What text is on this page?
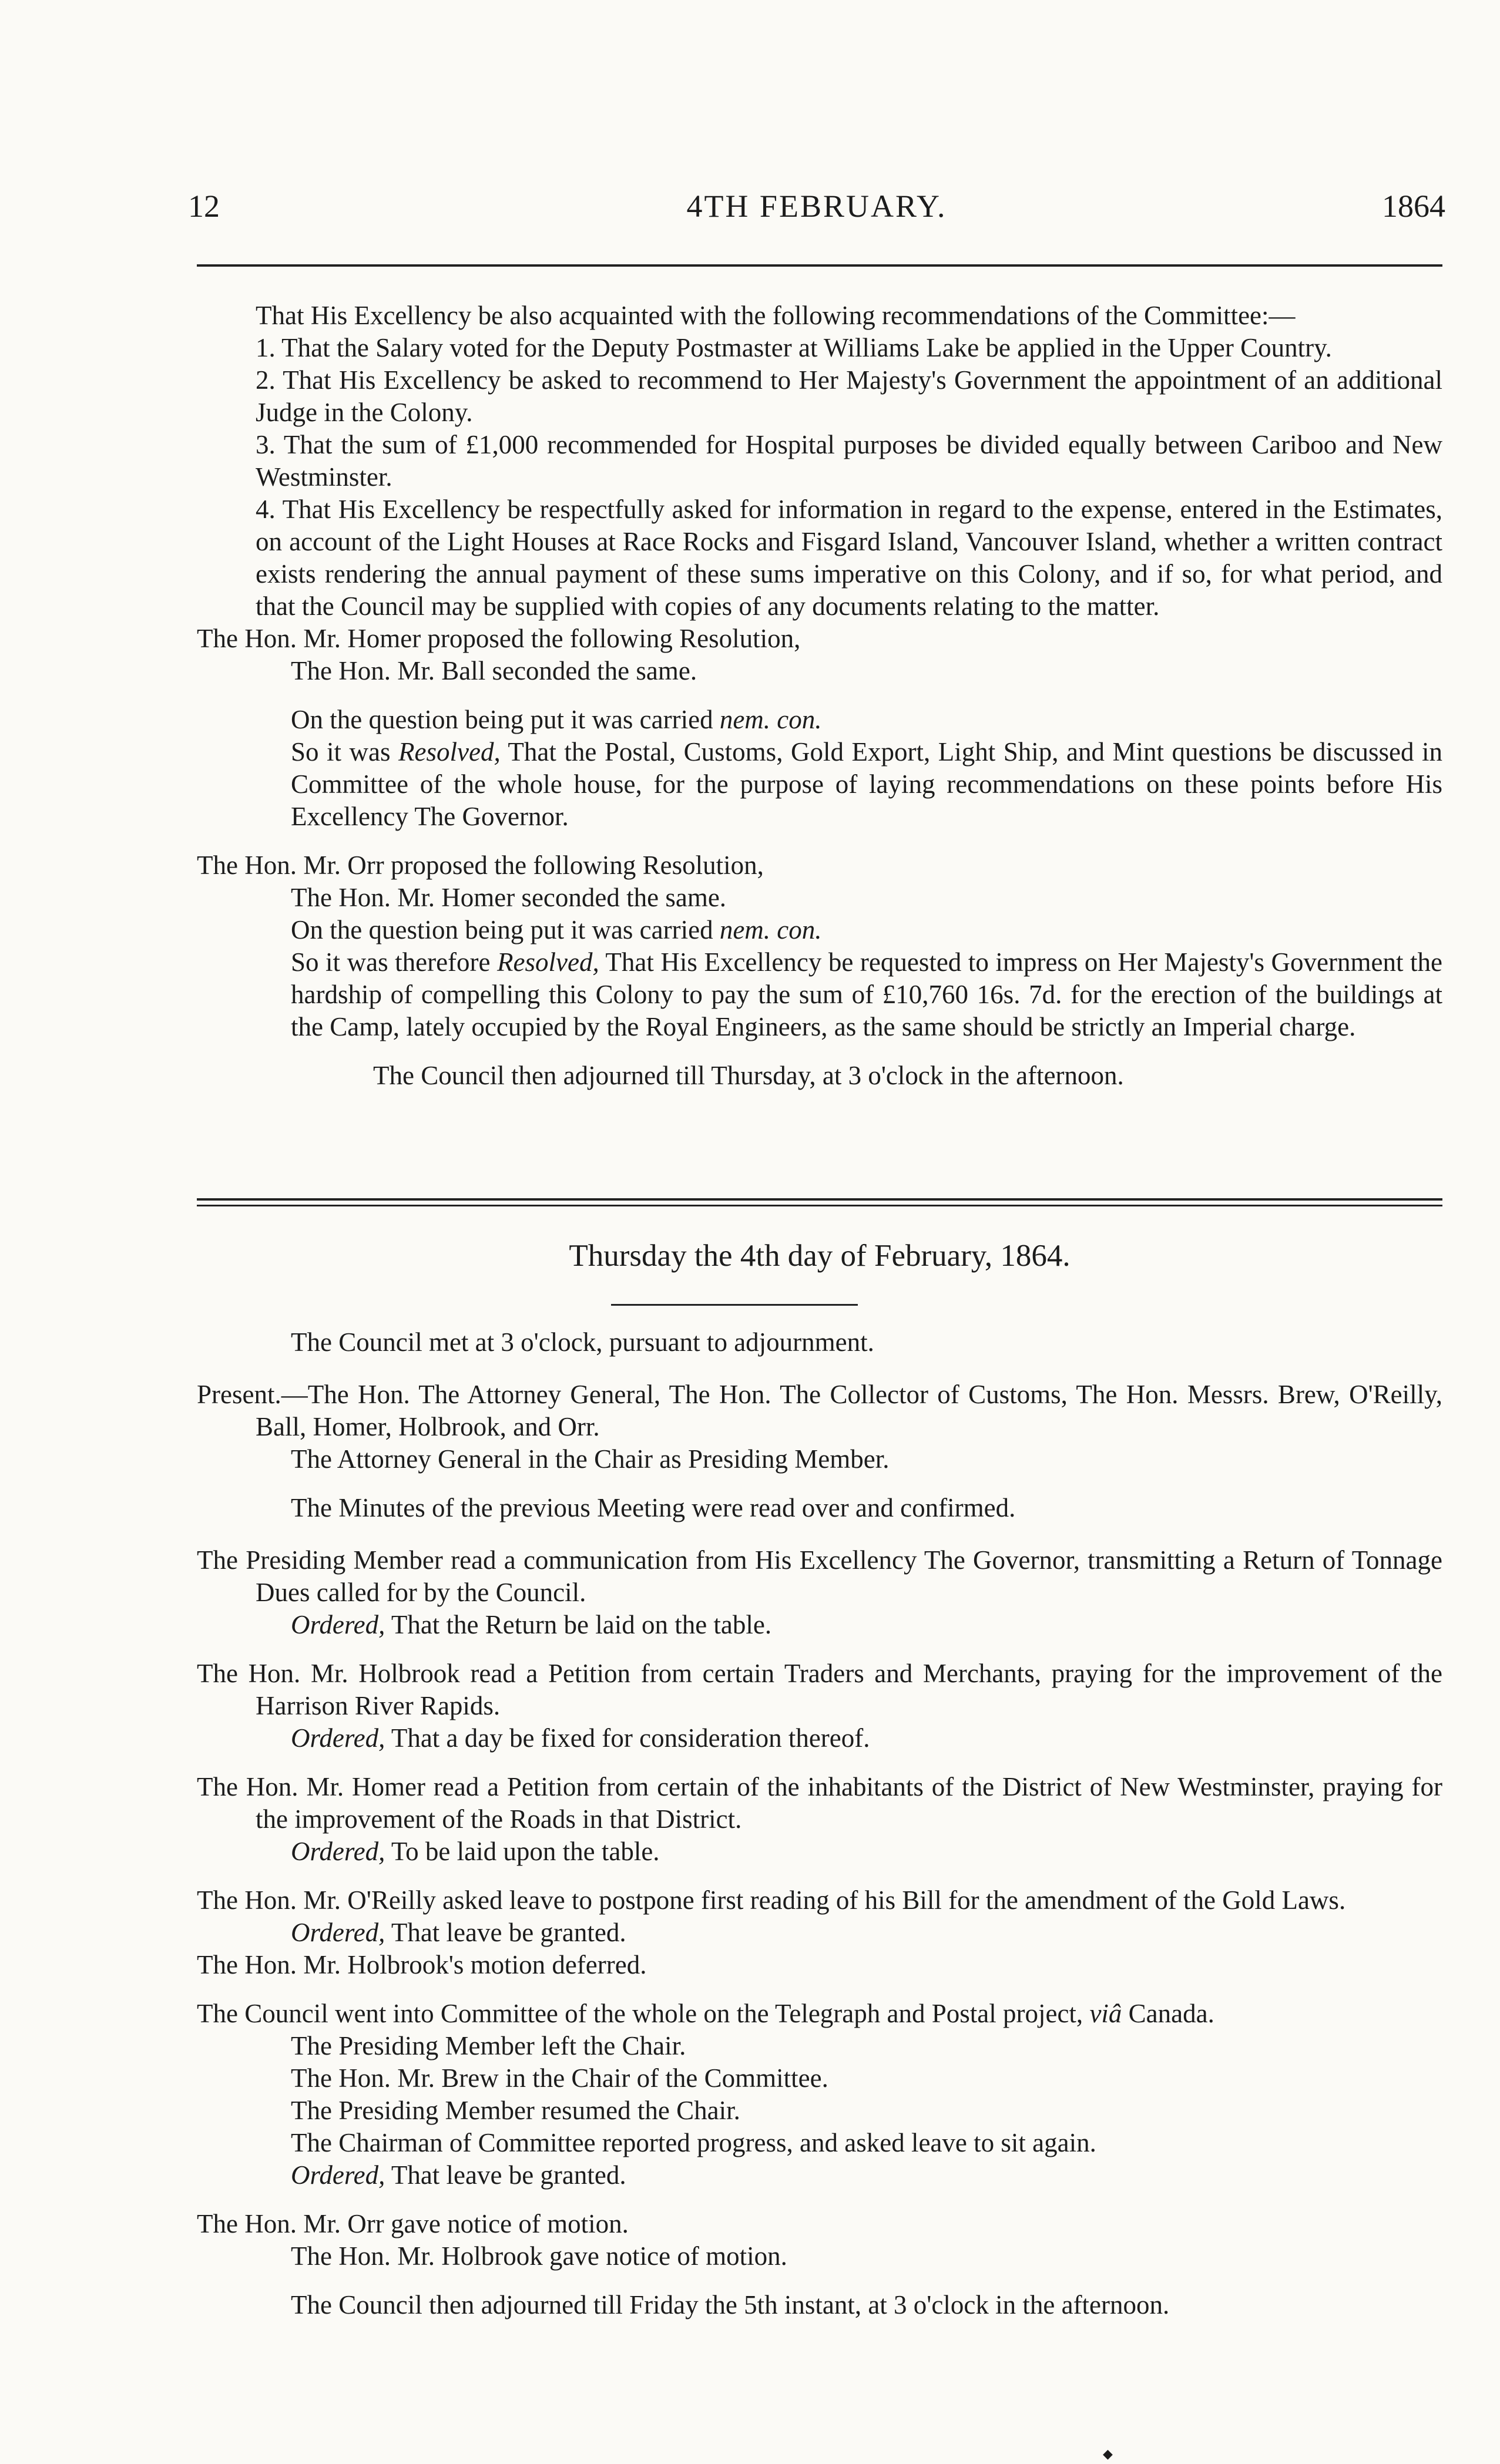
12	4TH FEBRUARY.	1864

That His Excellency be also acquainted with the following recommendations of the Committee:—

1. That the Salary voted for the Deputy Postmaster at Williams Lake be applied in the Upper Country.

2. That His Excellency be asked to recommend to Her Majesty's Government the appointment of an additional Judge in the Colony.

3. That the sum of £1,000 recommended for Hospital purposes be divided equally between Cariboo and New Westminster.

4. That His Excellency be respectfully asked for information in regard to the expense, entered in the Estimates, on account of the Light Houses at Race Rocks and Fisgard Island, Vancouver Island, whether a written contract exists rendering the annual payment of these sums imperative on this Colony, and if so, for what period, and that the Council may be supplied with copies of any documents relating to the matter.

The Hon. Mr. Homer proposed the following Resolution,

The Hon. Mr. Ball seconded the same.

On the question being put it was carried nem. con.

So it was Resolved, That the Postal, Customs, Gold Export, Light Ship, and Mint questions be discussed in Committee of the whole house, for the purpose of laying recommendations on these points before His Excellency The Governor.

The Hon. Mr. Orr proposed the following Resolution,

The Hon. Mr. Homer seconded the same.

On the question being put it was carried nem. con.

So it was therefore Resolved, That His Excellency be requested to impress on Her Majesty's Government the hardship of compelling this Colony to pay the sum of £10,760 16s. 7d. for the erection of the buildings at the Camp, lately occupied by the Royal Engineers, as the same should be strictly an Imperial charge.

The Council then adjourned till Thursday, at 3 o'clock in the afternoon.

Thursday the 4th day of February, 1864.

The Council met at 3 o'clock, pursuant to adjournment.

Present.—The Hon. The Attorney General, The Hon. The Collector of Customs, The Hon. Messrs. Brew, O'Reilly, Ball, Homer, Holbrook, and Orr.

The Attorney General in the Chair as Presiding Member.

The Minutes of the previous Meeting were read over and confirmed.

The Presiding Member read a communication from His Excellency The Governor, transmitting a Return of Tonnage Dues called for by the Council.

Ordered, That the Return be laid on the table.

The Hon. Mr. Holbrook read a Petition from certain Traders and Merchants, praying for the improvement of the Harrison River Rapids.

Ordered, That a day be fixed for consideration thereof.

The Hon. Mr. Homer read a Petition from certain of the inhabitants of the District of New Westminster, praying for the improvement of the Roads in that District.

Ordered, To be laid upon the table.

The Hon. Mr. O'Reilly asked leave to postpone first reading of his Bill for the amendment of the Gold Laws.

Ordered, That leave be granted.

The Hon. Mr. Holbrook's motion deferred.

The Council went into Committee of the whole on the Telegraph and Postal project, viâ Canada.

The Presiding Member left the Chair.

The Hon. Mr. Brew in the Chair of the Committee.

The Presiding Member resumed the Chair.

The Chairman of Committee reported progress, and asked leave to sit again.

Ordered, That leave be granted.

The Hon. Mr. Orr gave notice of motion.

The Hon. Mr. Holbrook gave notice of motion.

The Council then adjourned till Friday the 5th instant, at 3 o'clock in the afternoon.

◆
